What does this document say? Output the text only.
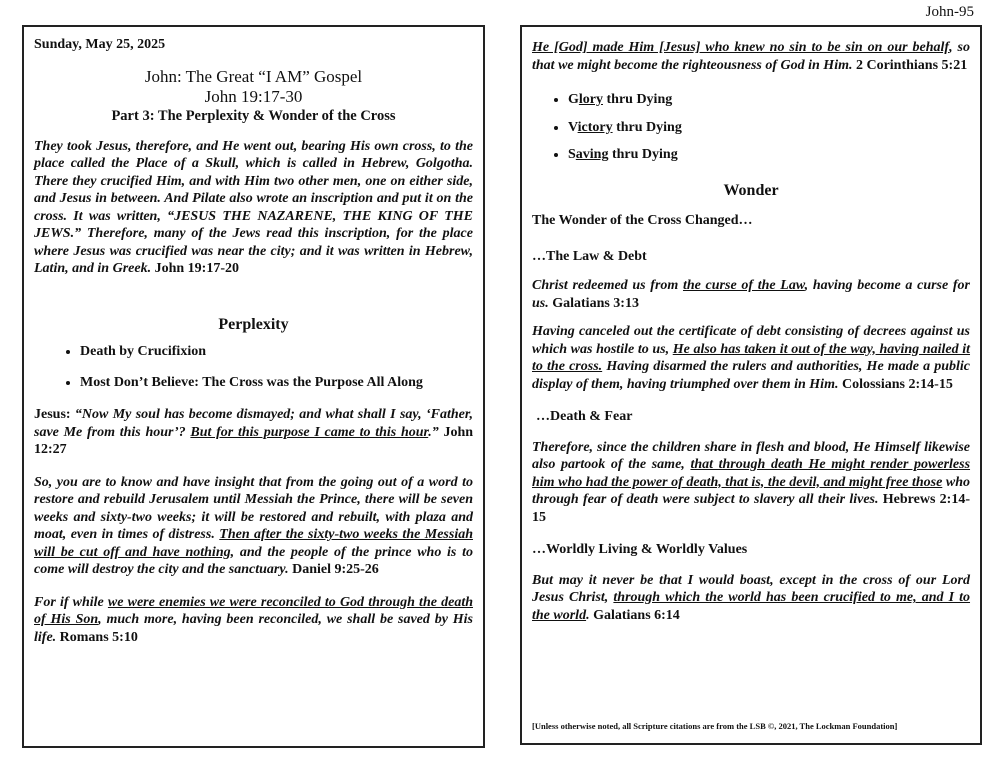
John-95

Sunday, May 25, 2025

John: The Great “I AM” Gospel

John 19:17-30

Part 3: The Perplexity & Wonder of the Cross

They took Jesus, therefore, and He went out, bearing His own cross, to the place called the Place of a Skull, which is called in Hebrew, Golgotha. There they crucified Him, and with Him two other men, one on either side, and Jesus in between. And Pilate also wrote an inscription and put it on the cross. It was written, “JESUS THE NAZARENE, THE KING OF THE JEWS.” Therefore, many of the Jews read this inscription, for the place where Jesus was crucified was near the city; and it was written in Hebrew, Latin, and in Greek. John 19:17-20

Perplexity

• Death by Crucifixion
• Most Don’t Believe: The Cross was the Purpose All Along

Jesus: “Now My soul has become dismayed; and what shall I say, ‘Father, save Me from this hour’? But for this purpose I came to this hour.” John 12:27

So, you are to know and have insight that from the going out of a word to restore and rebuild Jerusalem until Messiah the Prince, there will be seven weeks and sixty-two weeks; it will be restored and rebuilt, with plaza and moat, even in times of distress. Then after the sixty-two weeks the Messiah will be cut off and have nothing, and the people of the prince who is to come will destroy the city and the sanctuary. Daniel 9:25-26

For if while we were enemies we were reconciled to God through the death of His Son, much more, having been reconciled, we shall be saved by His life. Romans 5:10

He [God] made Him [Jesus] who knew no sin to be sin on our behalf, so that we might become the righteousness of God in Him. 2 Corinthians 5:21

• Glory thru Dying
• Victory thru Dying
• Saving thru Dying

Wonder

The Wonder of the Cross Changed…

…The Law & Debt

Christ redeemed us from the curse of the Law, having become a curse for us. Galatians 3:13

Having canceled out the certificate of debt consisting of decrees against us which was hostile to us, He also has taken it out of the way, having nailed it to the cross. Having disarmed the rulers and authorities, He made a public display of them, having triumphed over them in Him. Colossians 2:14-15

…Death & Fear

Therefore, since the children share in flesh and blood, He Himself likewise also partook of the same, that through death He might render powerless him who had the power of death, that is, the devil, and might free those who through fear of death were subject to slavery all their lives. Hebrews 2:14-15

…Worldly Living & Worldly Values

But may it never be that I would boast, except in the cross of our Lord Jesus Christ, through which the world has been crucified to me, and I to the world. Galatians 6:14

[Unless otherwise noted, all Scripture citations are from the LSB ©, 2021, The Lockman Foundation]
